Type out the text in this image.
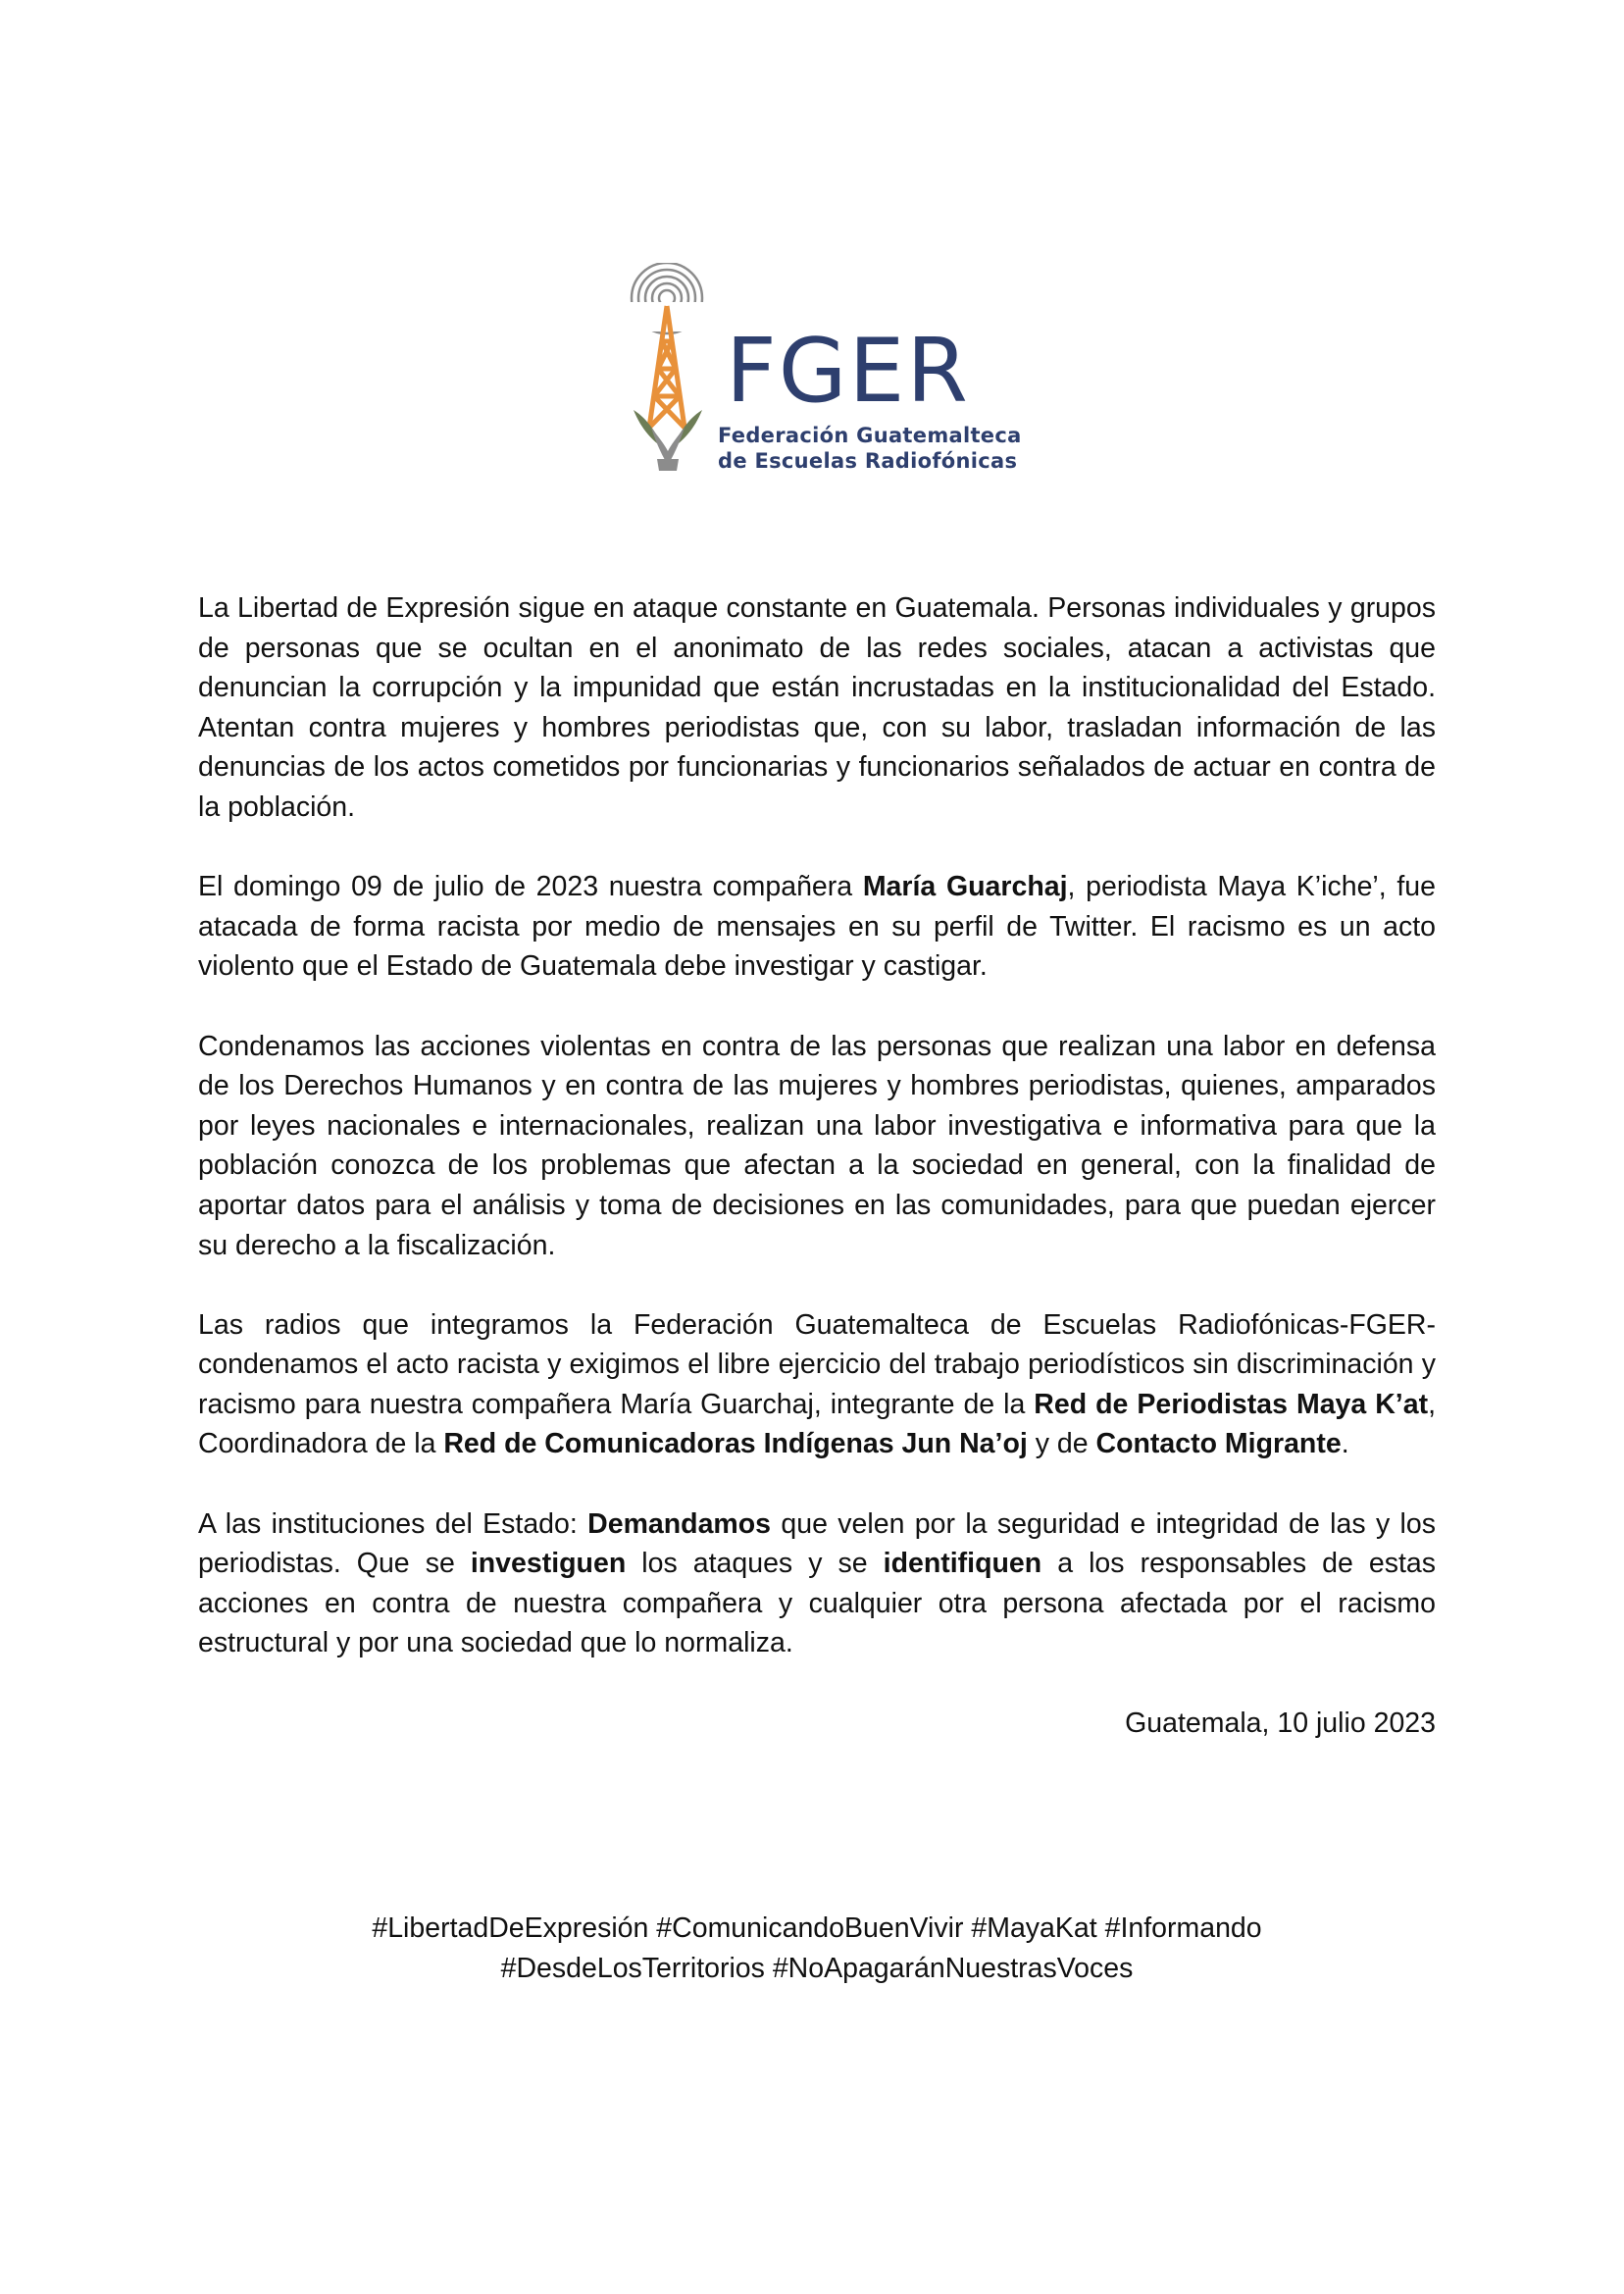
FGER
Federación Guatemalteca
de Escuelas Radiofónicas

La Libertad de Expresión sigue en ataque constante en Guatemala. Personas individuales y grupos de personas que se ocultan en el anonimato de las redes sociales, atacan a activistas que denuncian la corrupción y la impunidad que están incrustadas en la institucionalidad del Estado. Atentan contra mujeres y hombres periodistas que, con su labor, trasladan información de las denuncias de los actos cometidos por funcionarias y funcionarios señalados de actuar en contra de la población.

El domingo 09 de julio de 2023 nuestra compañera María Guarchaj, periodista Maya K’iche’, fue atacada de forma racista por medio de mensajes en su perfil de Twitter. El racismo es un acto violento que el Estado de Guatemala debe investigar y castigar.

Condenamos las acciones violentas en contra de las personas que realizan una labor en defensa de los Derechos Humanos y en contra de las mujeres y hombres periodistas, quienes, amparados por leyes nacionales e internacionales, realizan una labor investigativa e informativa para que la población conozca de los problemas que afectan a la sociedad en general, con la finalidad de aportar datos para el análisis y toma de decisiones en las comunidades, para que puedan ejercer su derecho a la fiscalización.

Las radios que integramos la Federación Guatemalteca de Escuelas Radiofónicas-FGER- condenamos el acto racista y exigimos el libre ejercicio del trabajo periodísticos sin discriminación y racismo para nuestra compañera María Guarchaj, integrante de la Red de Periodistas Maya K’at, Coordinadora de la Red de Comunicadoras Indígenas Jun Na’oj y de Contacto Migrante.

A las instituciones del Estado: Demandamos que velen por la seguridad e integridad de las y los periodistas. Que se investiguen los ataques y se identifiquen a los responsables de estas acciones en contra de nuestra compañera y cualquier otra persona afectada por el racismo estructural y por una sociedad que lo normaliza.

Guatemala, 10 julio 2023

#LibertadDeExpresión #ComunicandoBuenVivir #MayaKat #Informando
#DesdeLosTerritorios #NoApagaránNuestrasVoces
